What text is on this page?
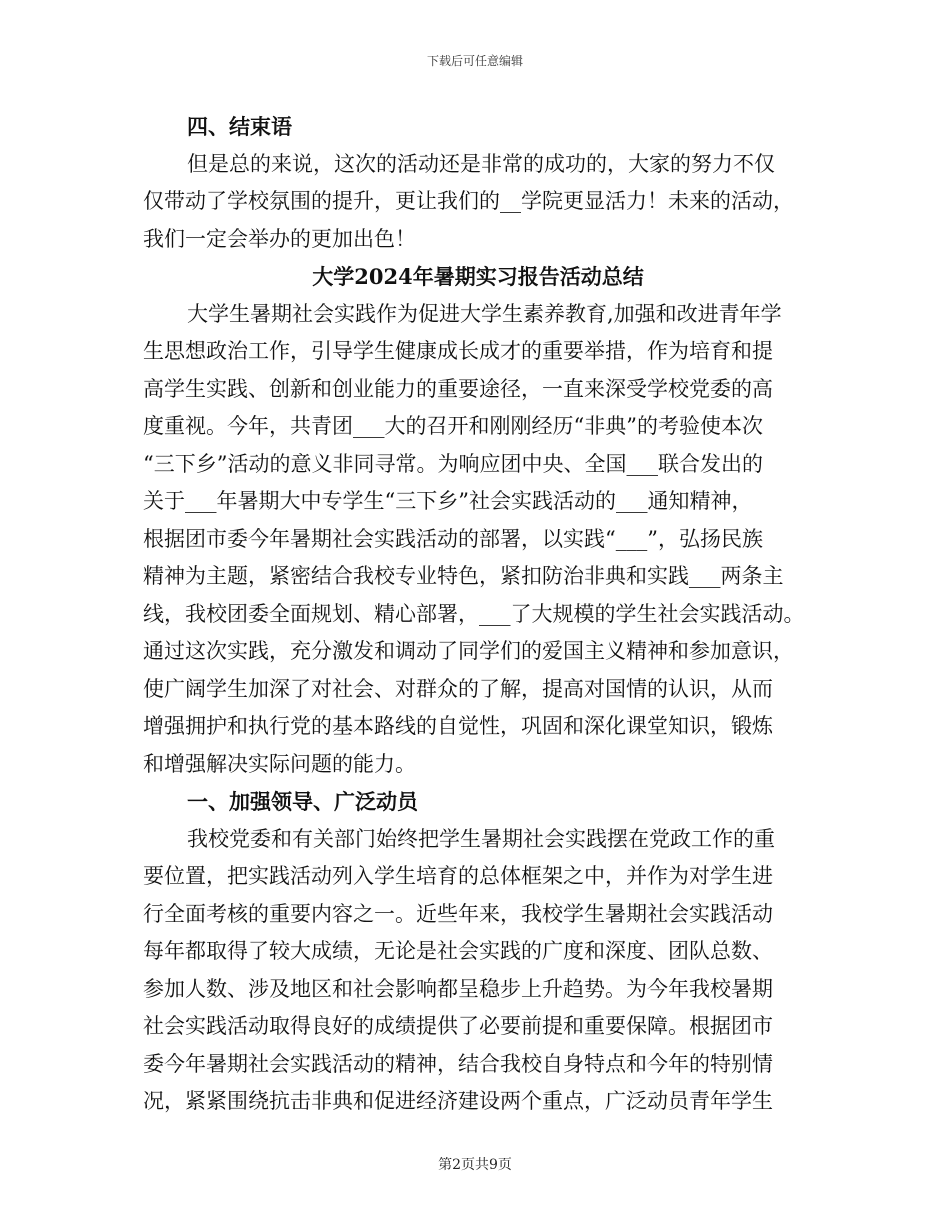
下载后可任意编辑
四、结束语
但是总的来说，这次的活动还是非常的成功的，大家的努力不仅
仅带动了学校氛围的提升，更让我们的__学院更显活力！未来的活动，
我们一定会举办的更加出色！
大学2024年暑期实习报告活动总结
大学生暑期社会实践作为促进大学生素养教育,加强和改进青年学
生思想政治工作，引导学生健康成长成才的重要举措，作为培育和提
高学生实践、创新和创业能力的重要途径，一直来深受学校党委的高
度重视。今年，共青团___大的召开和刚刚经历“非典”的考验使本次
“三下乡”活动的意义非同寻常。为响应团中央、全国___联合发出的
关于___年暑期大中专学生“三下乡”社会实践活动的___通知精神，
根据团市委今年暑期社会实践活动的部署，以实践“___”，弘扬民族
精神为主题，紧密结合我校专业特色，紧扣防治非典和实践___两条主
线，我校团委全面规划、精心部署，___了大规模的学生社会实践活动。
通过这次实践，充分激发和调动了同学们的爱国主义精神和参加意识，
使广阔学生加深了对社会、对群众的了解，提高对国情的认识，从而
增强拥护和执行党的基本路线的自觉性，巩固和深化课堂知识，锻炼
和增强解决实际问题的能力。
一、加强领导、广泛动员
我校党委和有关部门始终把学生暑期社会实践摆在党政工作的重
要位置，把实践活动列入学生培育的总体框架之中，并作为对学生进
行全面考核的重要内容之一。近些年来，我校学生暑期社会实践活动
每年都取得了较大成绩，无论是社会实践的广度和深度、团队总数、
参加人数、涉及地区和社会影响都呈稳步上升趋势。为今年我校暑期
社会实践活动取得良好的成绩提供了必要前提和重要保障。根据团市
委今年暑期社会实践活动的精神，结合我校自身特点和今年的特别情
况，紧紧围绕抗击非典和促进经济建设两个重点，广泛动员青年学生
第2页共9页
